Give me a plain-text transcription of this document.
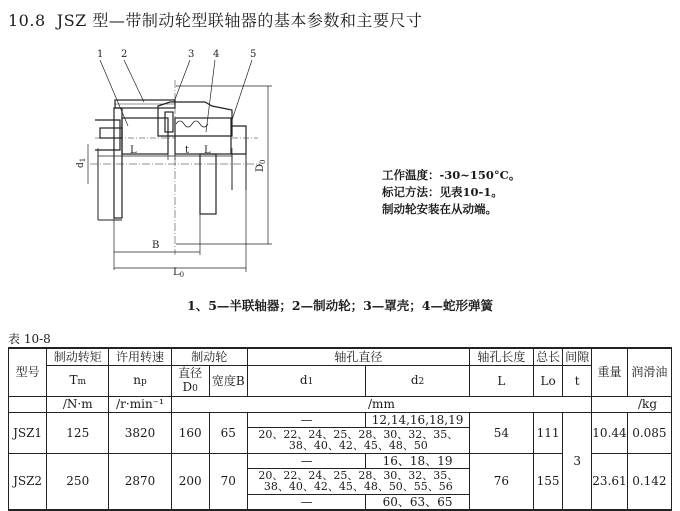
10.8 JSZ 型—带制动轮型联轴器的基本参数和主要尺寸
1 2	3 4	5
L	t L
$d_1$
$D_0$
B
$L_0$
工作温度：-30~150°C。
标记方法：见表10-1。
制动轮安装在从动端。
1、5—半联轴器；2—制动轮；3—罩壳；4—蛇形弹簧
表 10-8
型号	制动转矩	许用转速	制动轮		轴孔直径		轴孔长度	总长	间隙	重量	润滑油
	Tm	np	直径D0	宽度B	d1	d2	L	Lo	t		
	/N·m	/r·min⁻¹	/mm							/kg	
JSZ1	125	3820	160	65	—	12,14,16,18,19	54	111	3	10.44	0.085
					20、22、24、25、28、30、32、35、38、40、42、45、48、50						
JSZ2	250	2870	200	70	—	16、18、19	76	155		23.61	0.142
					20、22、24、25、28、30、32、35、38、40、42、45、48、50、55、56						
					—	60、63、65					
